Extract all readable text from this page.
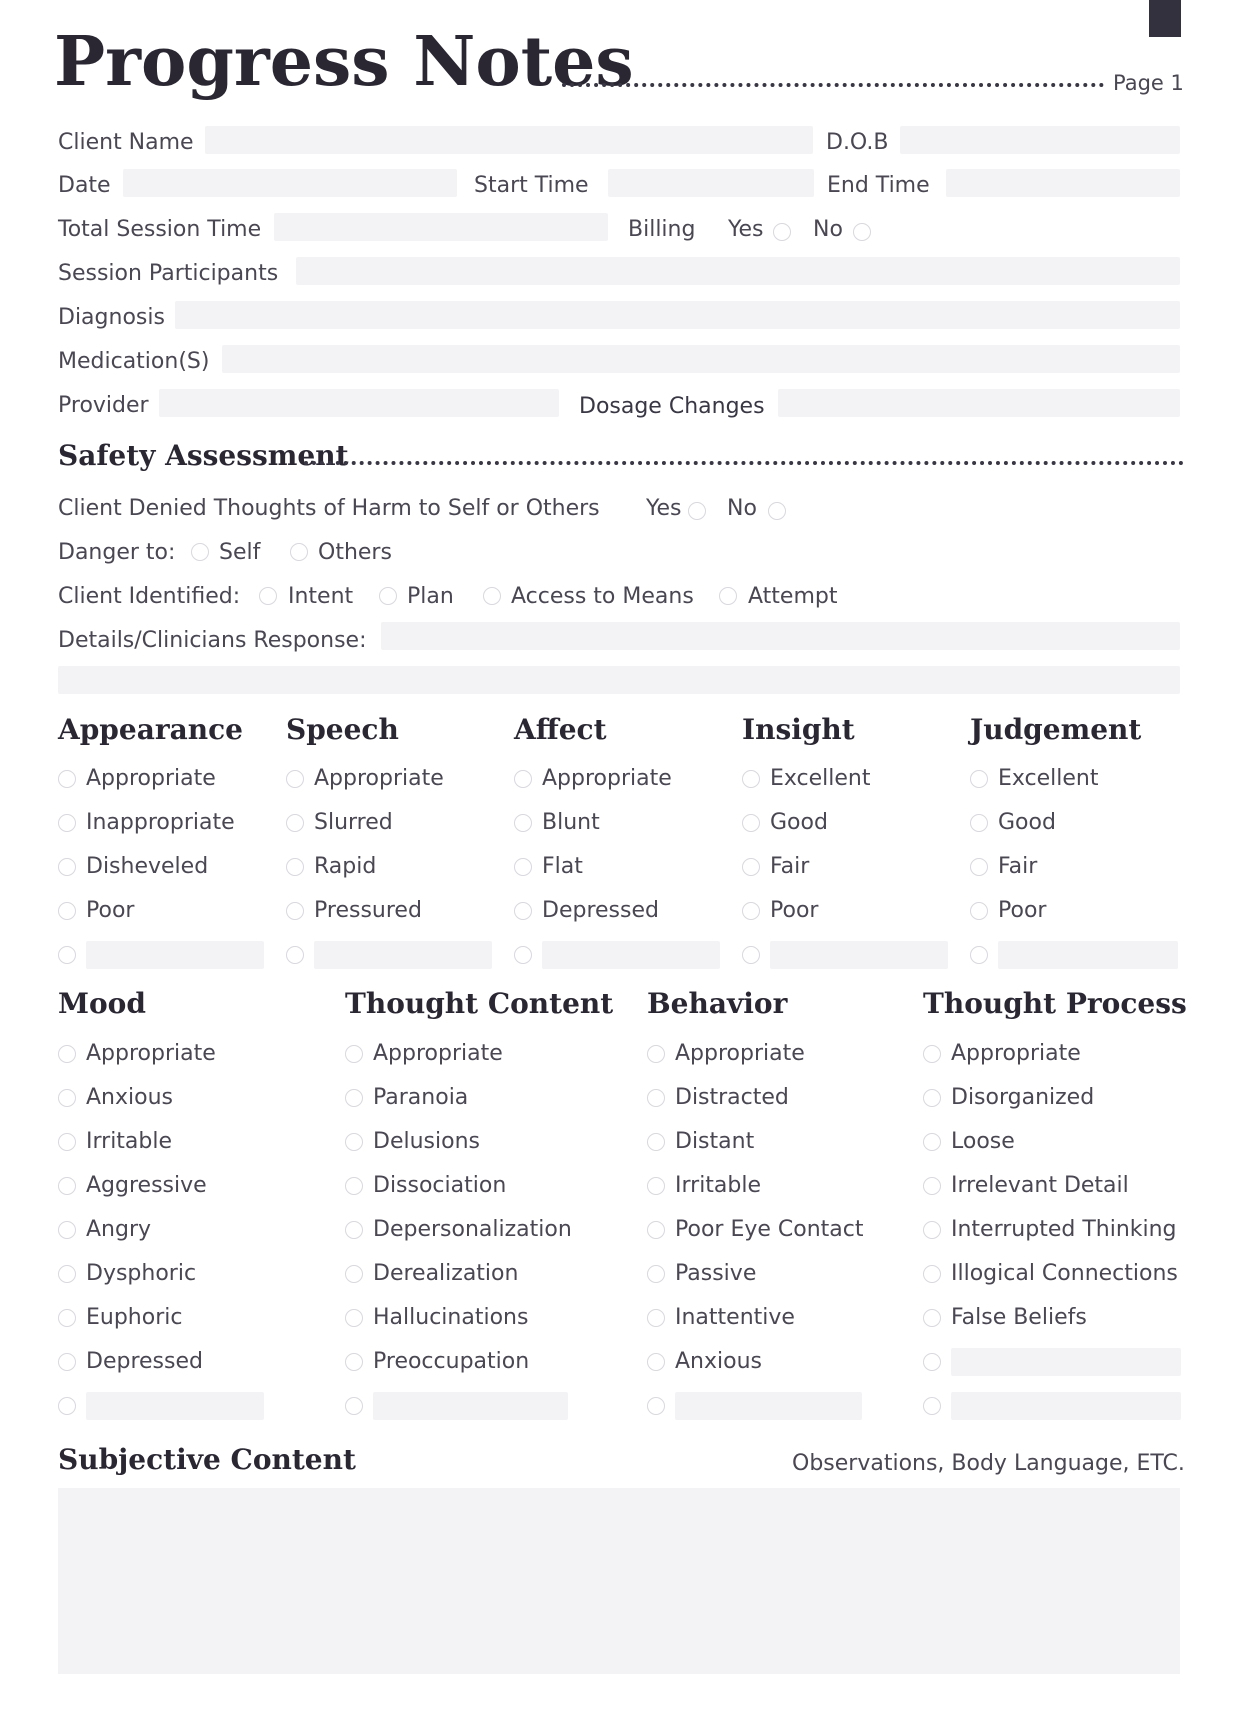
Progress Notes	Page 1
Client Name	D.O.B
Date	Start Time	End Time
Total Session Time	Billing Yes No
Session Participants
Diagnosis
Medication(S)
Provider	Dosage Changes
Safety Assessment
Client Denied Thoughts of Harm to Self or Others Yes No
Danger to: Self	Others
Client Identified: Intent Plan	Access to Means Attempt
Details/Clinicians Response:
Appearance
Appropriate
Inappropriate
Disheveled
Poor
Speech
Appropriate
Slurred
Rapid
Pressured
Affect
Appropriate
Blunt
Flat
Depressed
Insight
Excellent
Good
Fair
Poor
Judgement
Excellent
Good
Fair
Poor
Mood
Appropriate
Anxious
Irritable
Aggressive
Angry
Dysphoric
Euphoric
Depressed
Thought Content
Appropriate
Paranoia
Delusions
Dissociation
Depersonalization
Derealization
Hallucinations
Preoccupation
Behavior
Appropriate
Distracted
Distant
Irritable
Poor Eye Contact
Passive
Inattentive
Anxious
Thought Process
Appropriate
Disorganized
Loose
Irrelevant Detail
Interrupted Thinking
Illogical Connections
False Beliefs
Subjective Content	Observations, Body Language, ETC.
